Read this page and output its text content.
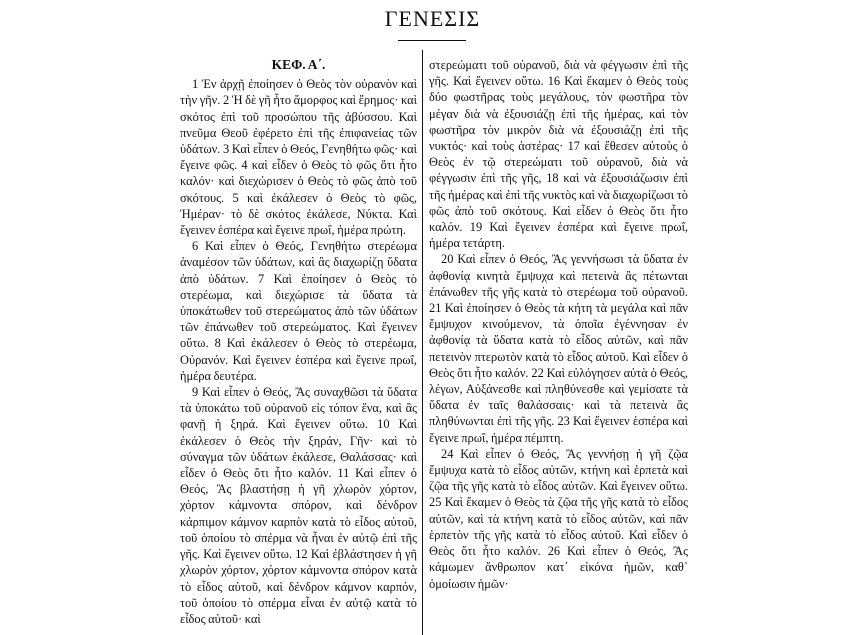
ΓΕΝΕΣΙΣ
ΚΕΦ. Α΄.

1 Ἐν ἀρχῇ ἐποίησεν ὁ Θεὸς τὸν οὐρανὸν καὶ τὴν γῆν. 2 Ἡ δὲ γῆ ἦτο ἄμορφος καὶ ἔρημος· καὶ σκότος ἐπὶ τοῦ προσώπου τῆς ἀβύσσου. Καὶ πνεῦμα Θεοῦ ἐφέρετο ἐπὶ τῆς ἐπιφανείας τῶν ὑδάτων. 3 Καὶ εἶπεν ὁ Θεός, Γενηθήτω φῶς· καὶ ἔγεινε φῶς. 4 καὶ εἶδεν ὁ Θεὸς τὸ φῶς ὅτι ἦτο καλόν· καὶ διεχώρισεν ὁ Θεὸς τὸ φῶς ἀπὸ τοῦ σκότους. 5 καὶ ἐκάλεσεν ὁ Θεὸς τὸ φῶς, Ἡμέραν· τὸ δὲ σκότος ἐκάλεσε, Νύκτα. Καὶ ἔγεινεν ἑσπέρα καὶ ἔγεινε πρωΐ, ἡμέρα πρώτη.

6 Καὶ εἶπεν ὁ Θεός, Γενηθήτω στερέωμα ἀναμέσον τῶν ὑδάτων, καὶ ἂς διαχωρίζῃ ὕδατα ἀπὸ ὑδάτων. 7 Καὶ ἐποίησεν ὁ Θεὸς τὸ στερέωμα, καὶ διεχώρισε τὰ ὕδατα τὰ ὑποκάτωθεν τοῦ στερεώματος ἀπὸ τῶν ὑδάτων τῶν ἐπάνωθεν τοῦ στερεώματος. Καὶ ἔγεινεν οὕτω. 8 Καὶ ἐκάλεσεν ὁ Θεὸς τὸ στερέωμα, Οὐρανόν. Καὶ ἔγεινεν ἑσπέρα καὶ ἔγεινε πρωΐ, ἡμέρα δευτέρα.

9 Καὶ εἶπεν ὁ Θεός, Ἂς συναχθῶσι τὰ ὕδατα τὰ ὑποκάτω τοῦ οὐρανοῦ εἰς τόπον ἕνα, καὶ ἂς φανῇ ἡ ξηρά. Καὶ ἔγεινεν οὕτω. 10 Καὶ ἐκάλεσεν ὁ Θεὸς τὴν ξηράν, Γῆν· καὶ τὸ σύναγμα τῶν ὑδάτων ἐκάλεσε, Θαλάσσας· καὶ εἶδεν ὁ Θεὸς ὅτι ἦτο καλόν. 11 Καὶ εἶπεν ὁ Θεός, Ἂς βλαστήσῃ ἡ γῆ χλωρὸν χόρτον, χόρτον κάμνοντα σπόρον, καὶ δένδρον κάρπιμον κάμνον καρπὸν κατὰ τὸ εἶδος αὐτοῦ, τοῦ ὁποίου τὸ σπέρμα νὰ ἦναι ἐν αὐτῷ ἐπὶ τῆς γῆς. Καὶ ἔγεινεν οὕτω. 12 Καὶ ἐβλάστησεν ἡ γῆ χλωρὸν χόρτον, χόρτον κάμνοντα σπόρον κατὰ τὸ εἶδος αὐτοῦ, καὶ δένδρον κάμνον καρπόν, τοῦ ὁποίου τὸ σπέρμα εἶναι ἐν αὐτῷ κατὰ τὸ εἶδος αὐτοῦ· καὶ

στερεώματι τοῦ οὐρανοῦ, διὰ νὰ φέγγωσιν ἐπὶ τῆς γῆς. Καὶ ἔγεινεν οὕτω. 16 Καὶ ἔκαμεν ὁ Θεὸς τοὺς δύο φωστῆρας τοὺς μεγάλους, τὸν φωστῆρα τὸν μέγαν διὰ νὰ ἐξουσιάζῃ ἐπὶ τῆς ἡμέρας, καὶ τὸν φωστῆρα τὸν μικρὸν διὰ νὰ ἐξουσιάζῃ ἐπὶ τῆς νυκτός· καὶ τοὺς ἀστέρας· 17 καὶ ἔθεσεν αὐτοὺς ὁ Θεὸς ἐν τῷ στερεώματι τοῦ οὐρανοῦ, διὰ νὰ φέγγωσιν ἐπὶ τῆς γῆς, 18 καὶ νὰ ἐξουσιάζωσιν ἐπὶ τῆς ἡμέρας καὶ ἐπὶ τῆς νυκτὸς καὶ νὰ διαχωρίζωσι τὸ φῶς ἀπὸ τοῦ σκότους. Καὶ εἶδεν ὁ Θεὸς ὅτι ἦτο καλόν. 19 Καὶ ἔγεινεν ἑσπέρα καὶ ἔγεινε πρωΐ, ἡμέρα τετάρτη.

20 Καὶ εἶπεν ὁ Θεός, Ἂς γεννήσωσι τὰ ὕδατα ἐν ἀφθονίᾳ κινητὰ ἔμψυχα καὶ πετεινὰ ἂς πέτωνται ἐπάνωθεν τῆς γῆς κατὰ τὸ στερέωμα τοῦ οὐρανοῦ. 21 Καὶ ἐποίησεν ὁ Θεὸς τὰ κήτη τὰ μεγάλα καὶ πᾶν ἔμψυχον κινούμενον, τὰ ὁποῖα ἐγέννησαν ἐν ἀφθονίᾳ τὰ ὕδατα κατὰ τὸ εἶδος αὐτῶν, καὶ πᾶν πετεινὸν πτερωτὸν κατὰ τὸ εἶδος αὐτοῦ. Καὶ εἶδεν ὁ Θεὸς ὅτι ἦτο καλόν. 22 Καὶ εὐλόγησεν αὐτὰ ὁ Θεός, λέγων, Αὐξάνεσθε καὶ πληθύνεσθε καὶ γεμίσατε τὰ ὕδατα ἐν ταῖς θαλάσσαις· καὶ τὰ πετεινὰ ἂς πληθύνωνται ἐπὶ τῆς γῆς. 23 Καὶ ἔγεινεν ἑσπέρα καὶ ἔγεινε πρωΐ, ἡμέρα πέμπτη.

24 Καὶ εἶπεν ὁ Θεός, Ἂς γεννήσῃ ἡ γῆ ζῷα ἔμψυχα κατὰ τὸ εἶδος αὐτῶν, κτήνη καὶ ἑρπετὰ καὶ ζῷα τῆς γῆς κατὰ τὸ εἶδος αὐτῶν. Καὶ ἔγεινεν οὕτω. 25 Καὶ ἔκαμεν ὁ Θεὸς τὰ ζῷα τῆς γῆς κατὰ τὸ εἶδος αὐτῶν, καὶ τὰ κτήνη κατὰ τὸ εἶδος αὐτῶν, καὶ πᾶν ἑρπετὸν τῆς γῆς κατὰ τὸ εἶδος αὐτοῦ. Καὶ εἶδεν ὁ Θεὸς ὅτι ἦτο καλόν. 26 Καὶ εἶπεν ὁ Θεός, Ἂς κάμωμεν ἄνθρωπον κατ᾽ εἰκόνα ἡμῶν, καθ᾽ ὁμοίωσιν ἡμῶν·
